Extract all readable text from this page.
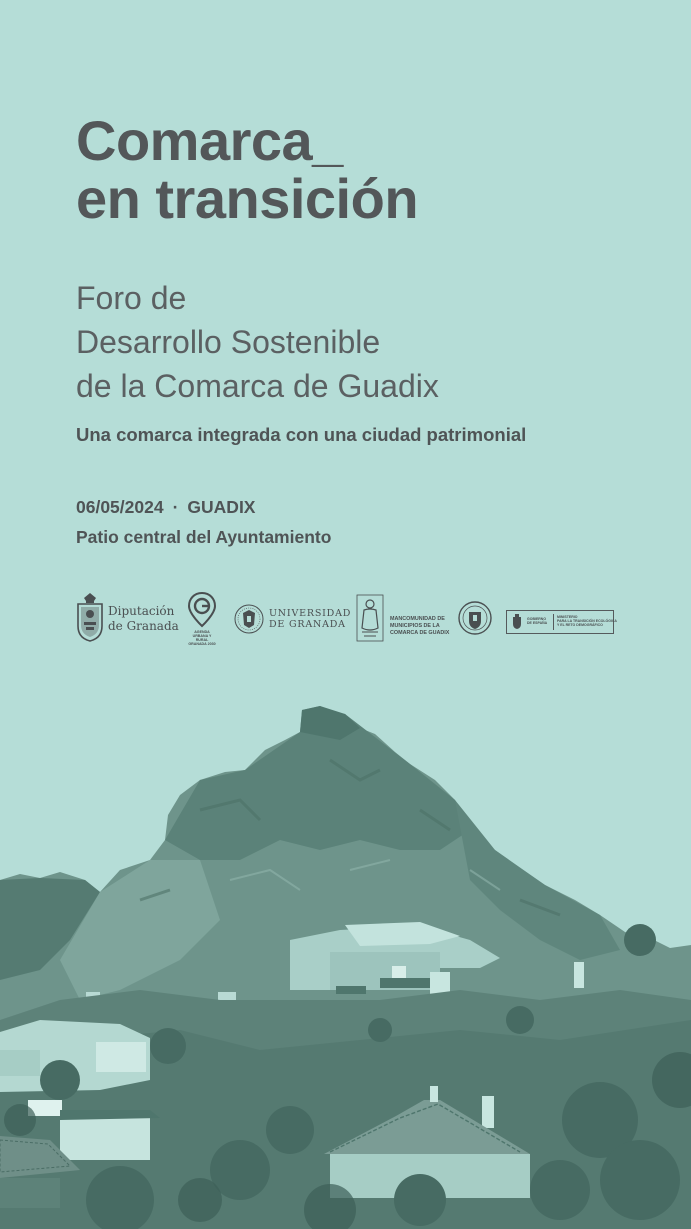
Comarca_
en transición
Foro de
Desarrollo Sostenible
de la Comarca de Guadix
Una comarca integrada con una ciudad patrimonial
06/05/2024 · GUADIX
Patio central del Ayuntamiento
Diputación
de Granada	AGENDA
URBANA Y RURAL
GRANADA 2030
UNIVERSIDAD
DE GRANADA	MANCOMUNIDAD DE
MUNICIPIOS DE LA
COMARCA DE GUADIX
GOBIERNO
DE ESPAÑA
MINISTERIO
PARA LA TRANSICIÓN ECOLÓGICA
Y EL RETO DEMOGRÁFICO
